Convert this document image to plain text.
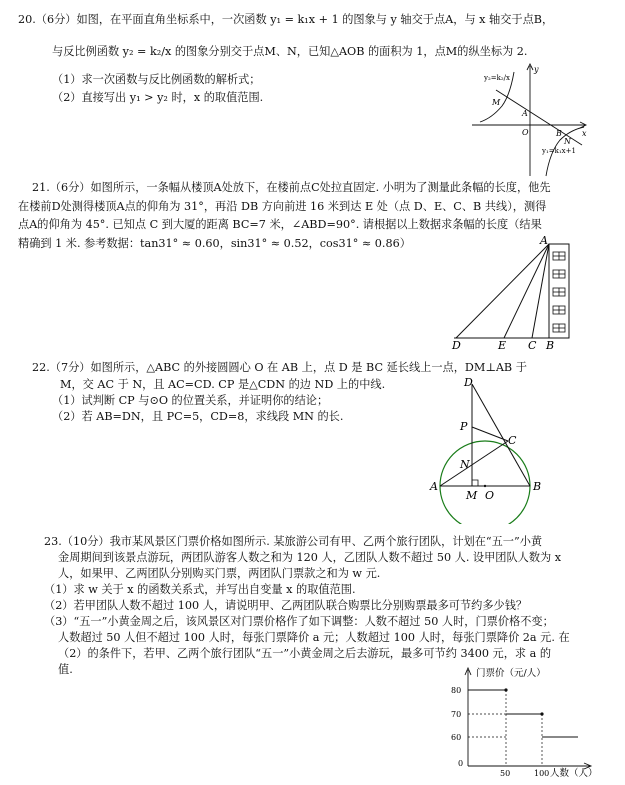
20.（6分）如图，在平面直角坐标系中，一次函数 y₁ = k₁x + 1 的图象与 y 轴交于点A，与 x 轴交于点B，
与反比例函数 y₂ = k₂/x 的图象分别交于点M、N，已知△AOB 的面积为 1，点M的纵坐标为 2.
（1）求一次函数与反比例函数的解析式；
（2）直接写出 y₁ > y₂ 时，x 的取值范围.
y₂=k₂/x
y
x
M
A
O	B
N
y₁=k₁x+1
21.（6分）如图所示，一条幅从楼顶A处放下，在楼前点C处拉直固定. 小明为了测量此条幅的长度，他先
在楼前D处测得楼顶A点的仰角为 31°，再沿 DB 方向前进 16 米到达 E 处（点 D、E、C、B 共线），测得
点A的仰角为 45°. 已知点 C 到大厦的距离 BC=7 米，∠ABD=90°. 请根据以上数据求条幅的长度（结果
精确到 1 米. 参考数据：tan31° ≈ 0.60，sin31° ≈ 0.52，cos31° ≈ 0.86）	A
D	E C B
22.（7分）如图所示，△ABC 的外接圆圆心 O 在 AB 上，点 D 是 BC 延长线上一点，DM⊥AB 于
M，交 AC 于 N，且 AC=CD. CP 是△CDN 的边 ND 上的中线.
（1）试判断 CP 与⊙O 的位置关系，并证明你的结论；
（2）若 AB=DN，且 PC=5，CD=8，求线段 MN 的长.
D
P
C
N
A
M O
B
23.（10分）我市某风景区门票价格如图所示. 某旅游公司有甲、乙两个旅行团队，计划在“五一”小黄
金周期间到该景点游玩，两团队游客人数之和为 120 人，乙团队人数不超过 50 人. 设甲团队人数为 x
人，如果甲、乙两团队分别购买门票，两团队门票款之和为 w 元.
（1）求 w 关于 x 的函数关系式，并写出自变量 x 的取值范围.
（2）若甲团队人数不超过 100 人，请说明甲、乙两团队联合购票比分别购票最多可节约多少钱？
（3）“五一”小黄金周之后，该风景区对门票价格作了如下调整：人数不超过 50 人时，门票价格不变；
人数超过 50 人但不超过 100 人时，每张门票降价 a 元；人数超过 100 人时，每张门票降价 2a 元. 在
（2）的条件下，若甲、乙两个旅行团队“五一”小黄金周之后去游玩，最多可节约 3400 元，求 a 的
值.	门票价（元/人）
80
70
60
0
50	100 人数（人）
